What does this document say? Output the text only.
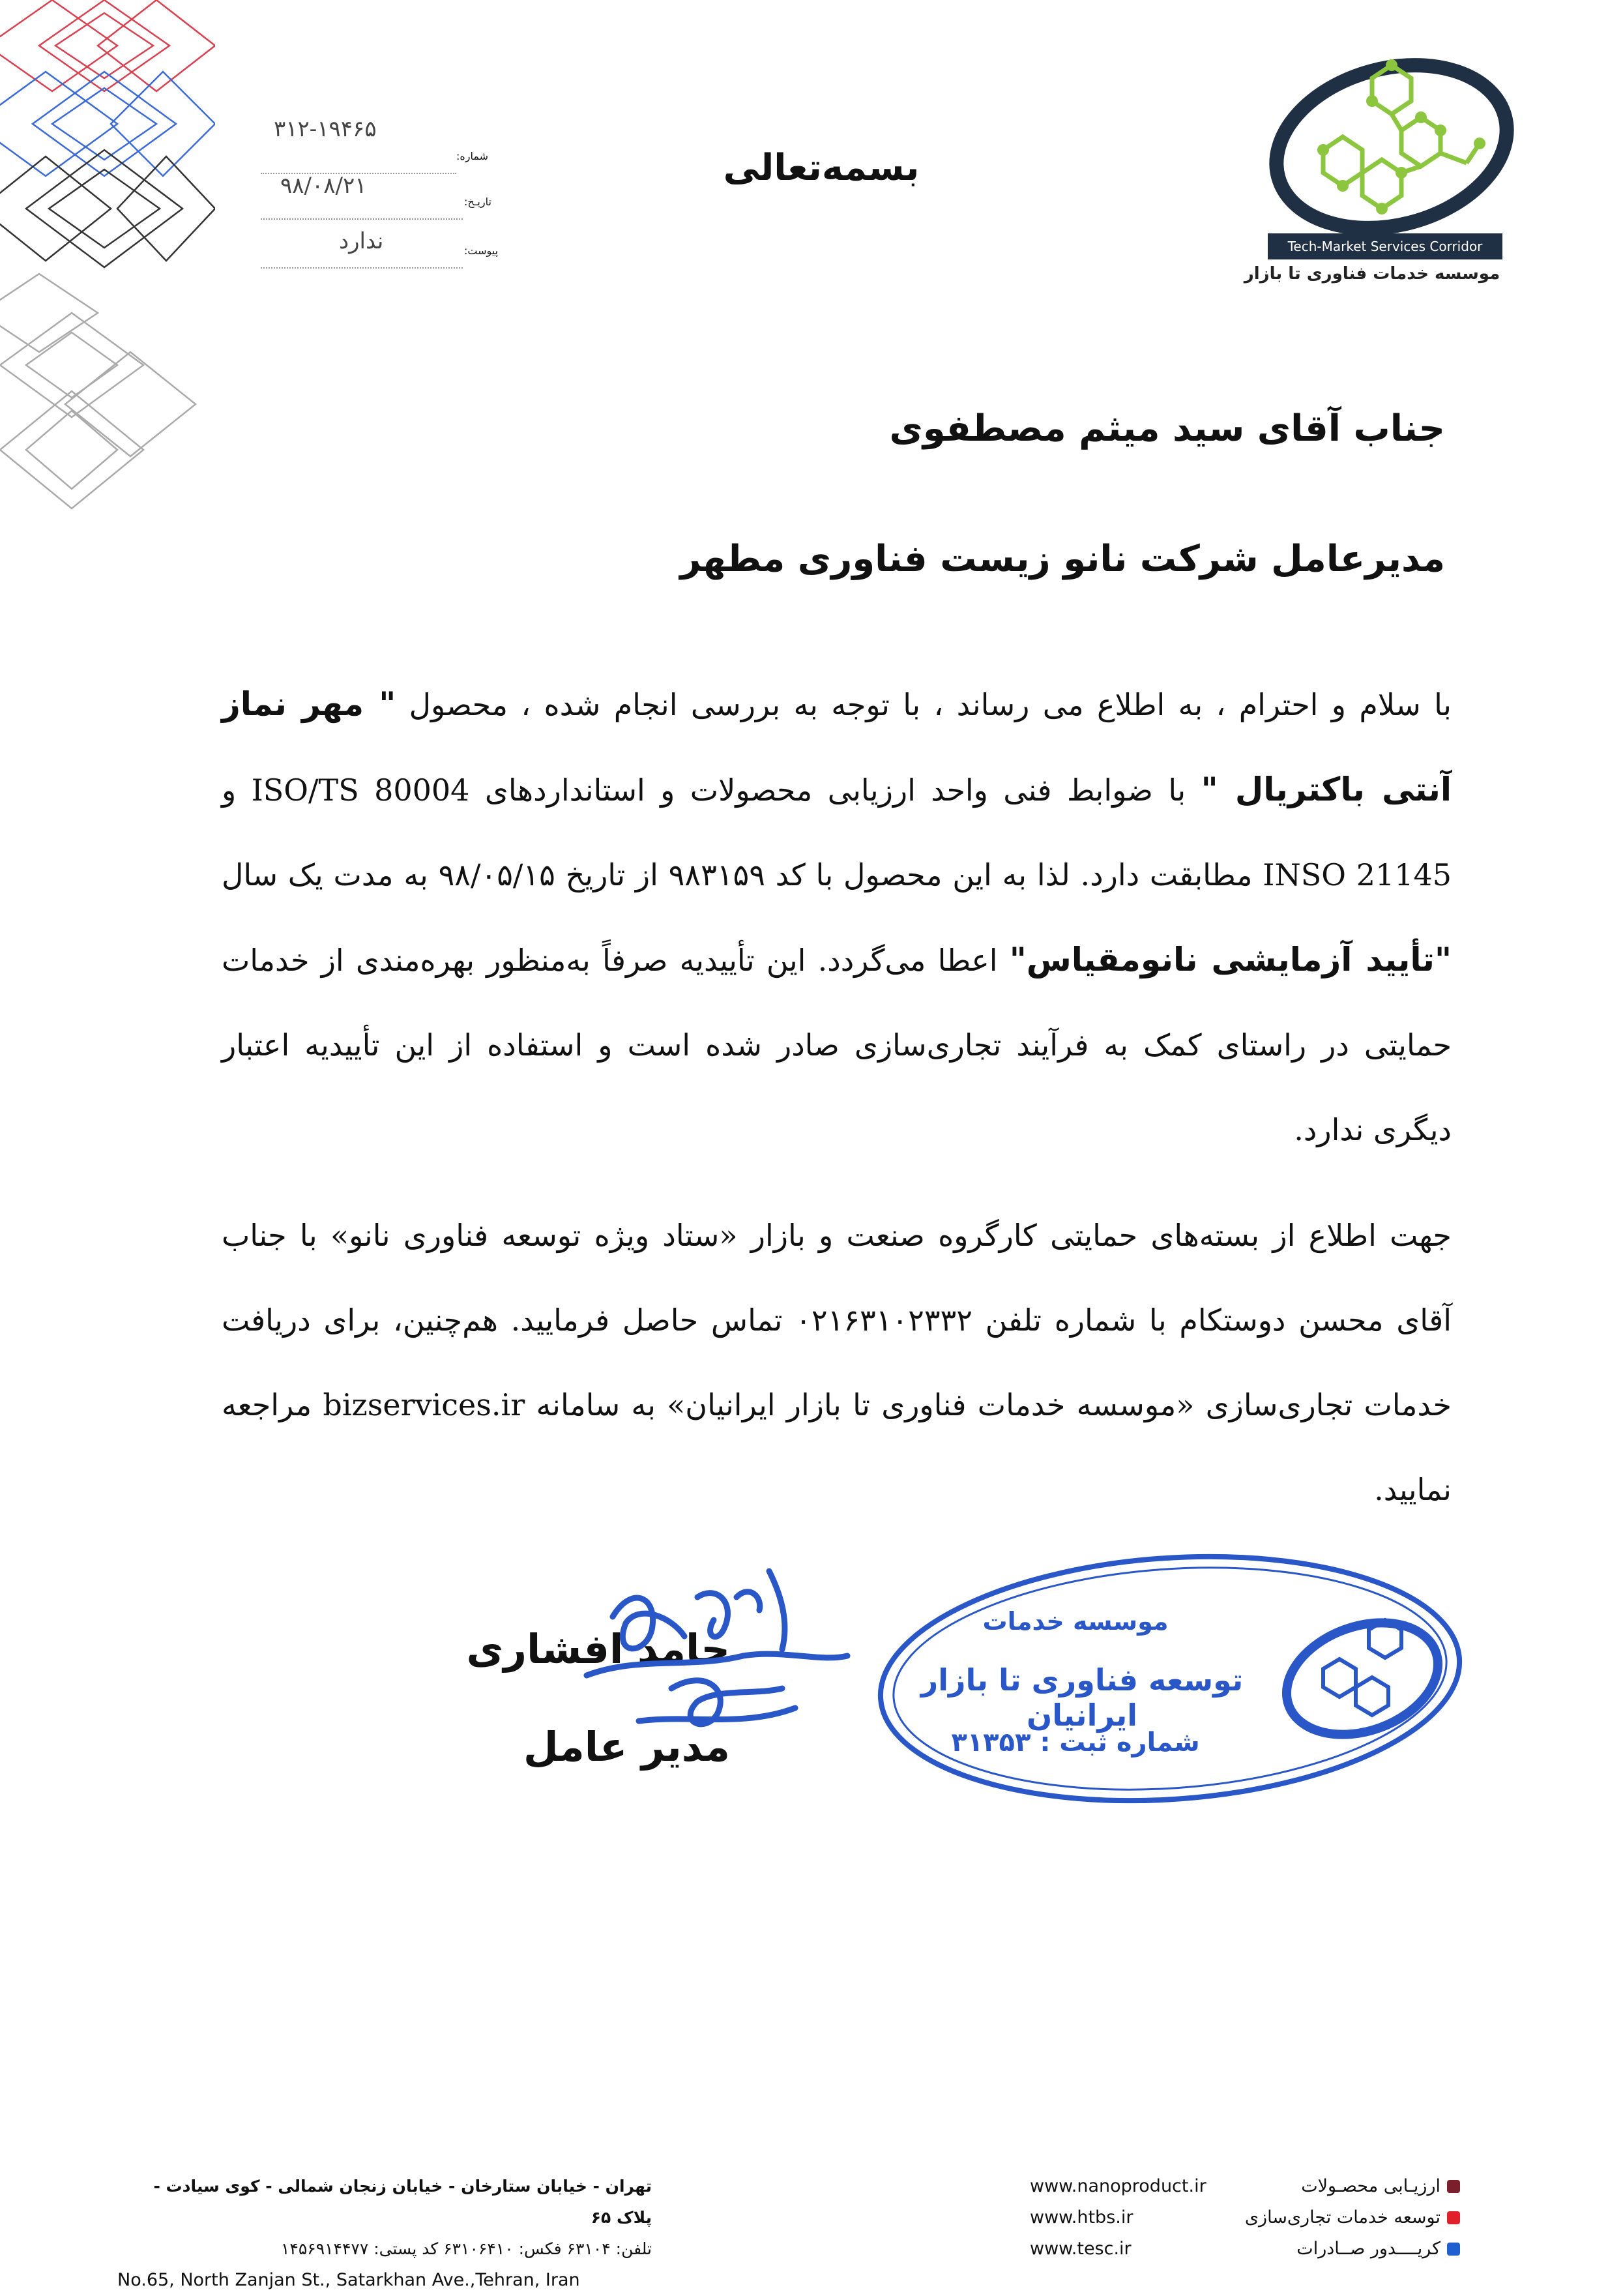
شماره:
۳۱۲-۱۹۴۶۵
تاریـخ:
۹۸/۰۸/۲۱
پیوست:
ندارد
بسمه‌تعالی
Tech-Market Services Corridor
موسسه خدمات فناوری تا بازار
جناب آقای سید میثم مصطفوی
مدیرعامل شرکت نانو زیست فناوری مطهر
با سلام و احترام ، به اطلاع می رساند ، با توجه به بررسی انجام شده ، محصول " مهر نماز آنتی باکتریال " با ضوابط فنی واحد ارزیابی محصولات و استانداردهای ISO/TS 80004 و INSO 21145 مطابقت دارد. لذا به این محصول با کد ۹۸۳۱۵۹ از تاریخ ۹۸/۰۵/۱۵ به مدت یک سال "تأیید آزمایشی نانومقیاس" اعطا می‌گردد. این تأییدیه صرفاً به‌منظور بهره‌مندی از خدمات حمایتی در راستای کمک به فرآیند تجاری‌سازی صادر شده است و استفاده از این تأییدیه اعتبار دیگری ندارد.
جهت اطلاع از بسته‌های حمایتی کارگروه صنعت و بازار «ستاد ویژه توسعه فناوری نانو» با جناب آقای محسن دوستکام با شماره تلفن ۰۲۱۶۳۱۰۲۳۳۲ تماس حاصل فرمایید. هم‌چنین، برای دریافت خدمات تجاری‌سازی «موسسه خدمات فناوری تا بازار ایرانیان» به سامانه bizservices.ir مراجعه نمایید.
حامد افشاری
مدیر عامل
موسسه خدمات
توسعه فناوری تا بازار ایرانیان
شماره ثبت : ۳۱۳۵۳
تهران - خیابان ستارخان - خیابان زنجان شمالی - کوی سیادت - پلاک ۶۵
تلفن: ۶۳۱۰۴ فکس: ۶۳۱۰۶۴۱۰ کد پستی: ۱۴۵۶۹۱۴۴۷۷
No.65, North Zanjan St., Satarkhan Ave.,Tehran, Iran
www.nanoproduct.ir
www.htbs.ir
www.tesc.ir
ارزیـابی محصـولات
توسعه خدمات تجاری‌سازی
کریــــدور صــادرات
